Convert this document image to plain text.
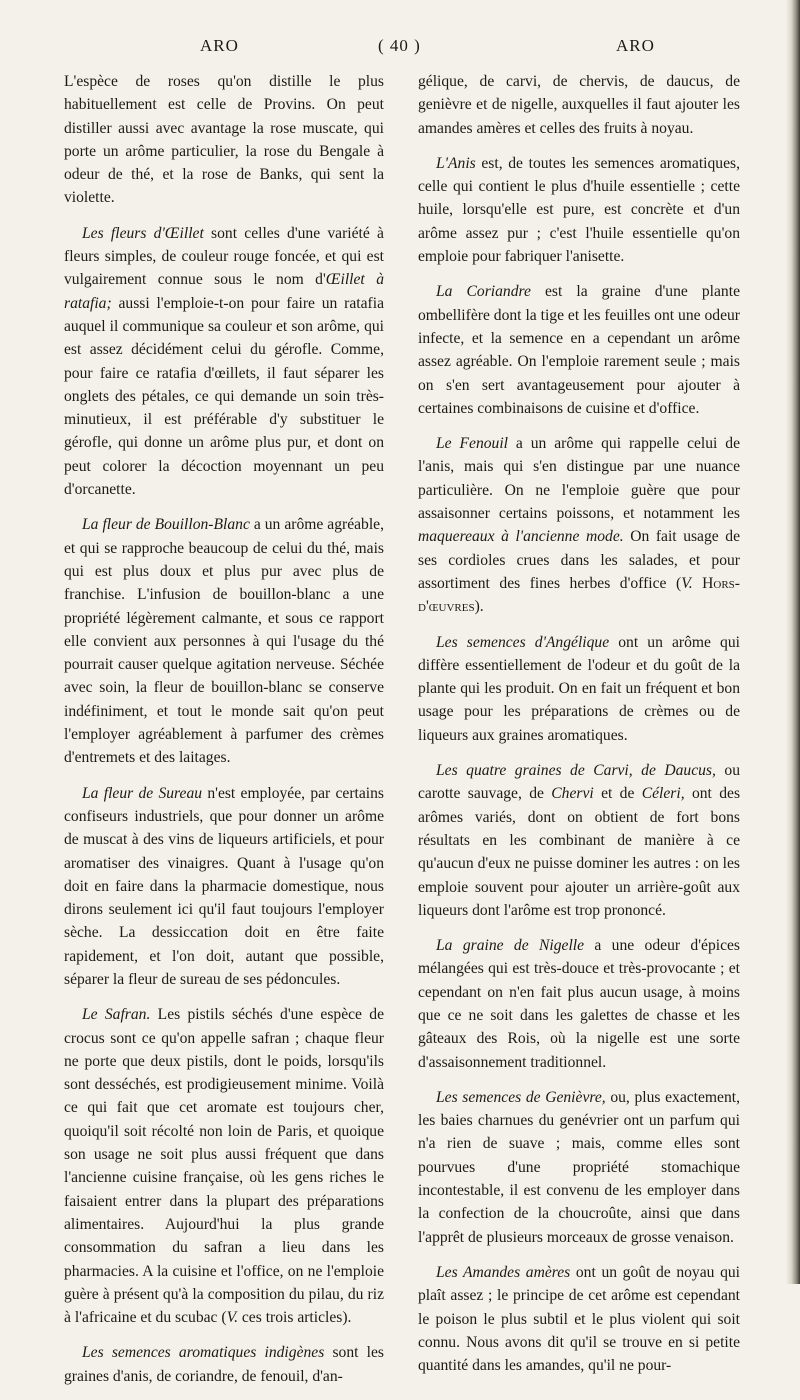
ARO	( 40 )	ARO

L'espèce de roses qu'on distille le plus habituellement est celle de Provins. On peut distiller aussi avec avantage la rose muscate, qui porte un arôme particulier, la rose du Bengale à odeur de thé, et la rose de Banks, qui sent la violette.

Les fleurs d'Œillet sont celles d'une variété à fleurs simples, de couleur rouge foncée, et qui est vulgairement connue sous le nom d'Œillet à ratafia; aussi l'emploie-t-on pour faire un ratafia auquel il communique sa couleur et son arôme, qui est assez décidément celui du gérofle. Comme, pour faire ce ratafia d'œillets, il faut séparer les onglets des pétales, ce qui demande un soin très-minutieux, il est préférable d'y substituer le gérofle, qui donne un arôme plus pur, et dont on peut colorer la décoction moyennant un peu d'orcanette.

La fleur de Bouillon-Blanc a un arôme agréable, et qui se rapproche beaucoup de celui du thé, mais qui est plus doux et plus pur avec plus de franchise. L'infusion de bouillon-blanc a une propriété légèrement calmante, et sous ce rapport elle convient aux personnes à qui l'usage du thé pourrait causer quelque agitation nerveuse. Séchée avec soin, la fleur de bouillon-blanc se conserve indéfiniment, et tout le monde sait qu'on peut l'employer agréablement à parfumer des crèmes d'entremets et des laitages.

La fleur de Sureau n'est employée, par certains confiseurs industriels, que pour donner un arôme de muscat à des vins de liqueurs artificiels, et pour aromatiser des vinaigres. Quant à l'usage qu'on doit en faire dans la pharmacie domestique, nous dirons seulement ici qu'il faut toujours l'employer sèche. La dessiccation doit en être faite rapidement, et l'on doit, autant que possible, séparer la fleur de sureau de ses pédoncules.

Le Safran. Les pistils séchés d'une espèce de crocus sont ce qu'on appelle safran ; chaque fleur ne porte que deux pistils, dont le poids, lorsqu'ils sont desséchés, est prodigieusement minime. Voilà ce qui fait que cet aromate est toujours cher, quoiqu'il soit récolté non loin de Paris, et quoique son usage ne soit plus aussi fréquent que dans l'ancienne cuisine française, où les gens riches le faisaient entrer dans la plupart des préparations alimentaires. Aujourd'hui la plus grande consommation du safran a lieu dans les pharmacies. A la cuisine et l'office, on ne l'emploie guère à présent qu'à la composition du pilau, du riz à l'africaine et du scubac (V. ces trois articles).

Les semences aromatiques indigènes sont les graines d'anis, de coriandre, de fenouil, d'an-

gélique, de carvi, de chervis, de daucus, de genièvre et de nigelle, auxquelles il faut ajouter les amandes amères et celles des fruits à noyau.

L'Anis est, de toutes les semences aromatiques, celle qui contient le plus d'huile essentielle ; cette huile, lorsqu'elle est pure, est concrète et d'un arôme assez pur ; c'est l'huile essentielle qu'on emploie pour fabriquer l'anisette.

La Coriandre est la graine d'une plante ombellifère dont la tige et les feuilles ont une odeur infecte, et la semence en a cependant un arôme assez agréable. On l'emploie rarement seule ; mais on s'en sert avantageusement pour ajouter à certaines combinaisons de cuisine et d'office.

Le Fenouil a un arôme qui rappelle celui de l'anis, mais qui s'en distingue par une nuance particulière. On ne l'emploie guère que pour assaisonner certains poissons, et notamment les maquereaux à l'ancienne mode. On fait usage de ses cordioles crues dans les salades, et pour assortiment des fines herbes d'office (V. Hors-d'œuvres).

Les semences d'Angélique ont un arôme qui diffère essentiellement de l'odeur et du goût de la plante qui les produit. On en fait un fréquent et bon usage pour les préparations de crèmes ou de liqueurs aux graines aromatiques.

Les quatre graines de Carvi, de Daucus, ou carotte sauvage, de Chervi et de Céleri, ont des arômes variés, dont on obtient de fort bons résultats en les combinant de manière à ce qu'aucun d'eux ne puisse dominer les autres : on les emploie souvent pour ajouter un arrière-goût aux liqueurs dont l'arôme est trop prononcé.

La graine de Nigelle a une odeur d'épices mélangées qui est très-douce et très-provocante ; et cependant on n'en fait plus aucun usage, à moins que ce ne soit dans les galettes de chasse et les gâteaux des Rois, où la nigelle est une sorte d'assaisonnement traditionnel.

Les semences de Genièvre, ou, plus exactement, les baies charnues du genévrier ont un parfum qui n'a rien de suave ; mais, comme elles sont pourvues d'une propriété stomachique incontestable, il est convenu de les employer dans la confection de la choucroûte, ainsi que dans l'apprêt de plusieurs morceaux de grosse venaison.

Les Amandes amères ont un goût de noyau qui plaît assez ; le principe de cet arôme est cependant le poison le plus subtil et le plus violent qui soit connu. Nous avons dit qu'il se trouve en si petite quantité dans les amandes, qu'il ne pour-
